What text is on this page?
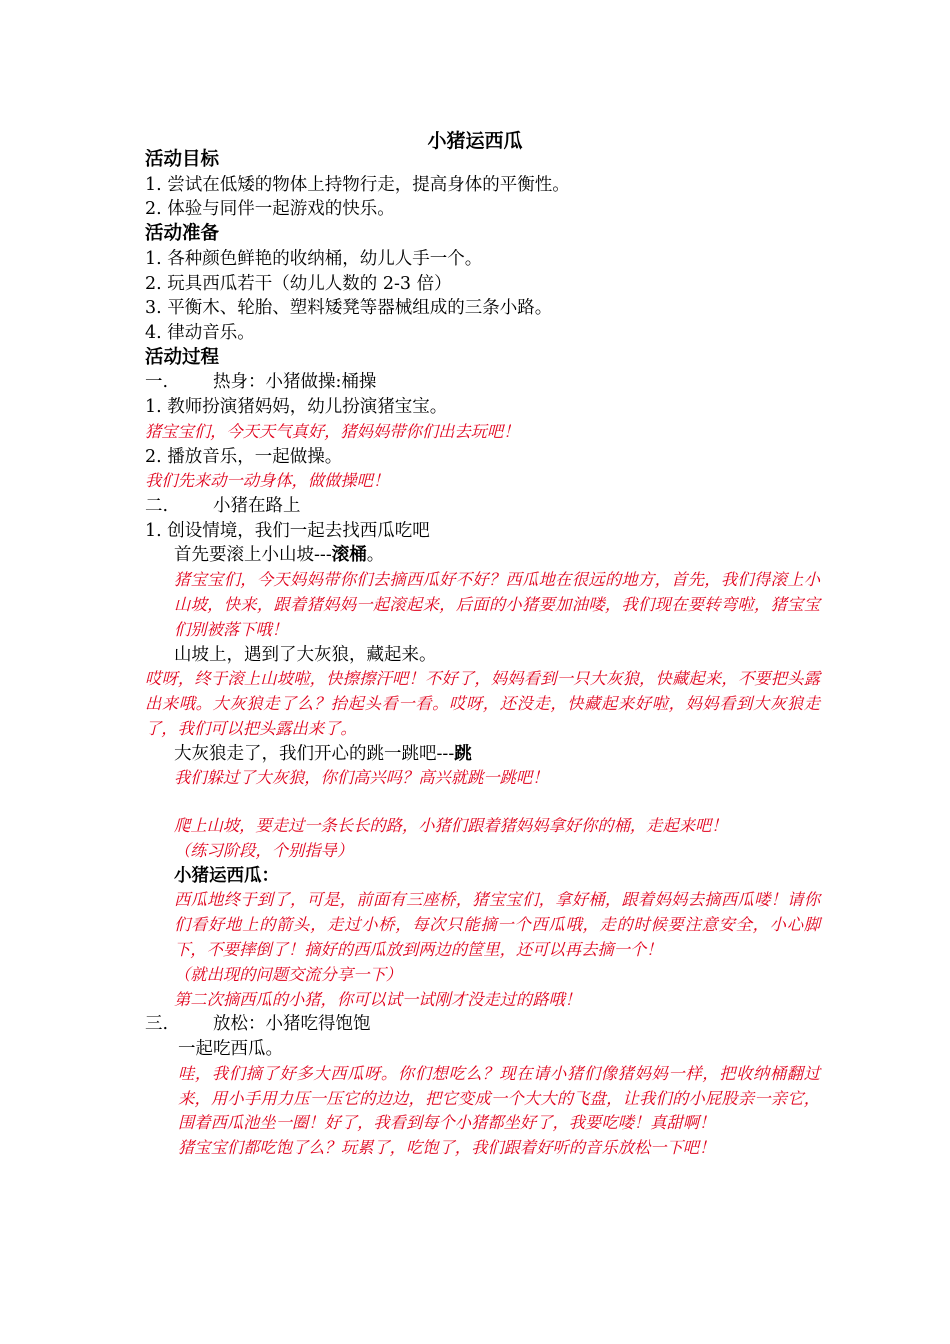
小猪运西瓜
活动目标
1. 尝试在低矮的物体上持物行走，提高身体的平衡性。
2. 体验与同伴一起游戏的快乐。
活动准备
1. 各种颜色鲜艳的收纳桶，幼儿人手一个。
2. 玩具西瓜若干（幼儿人数的 2-3 倍）
3. 平衡木、轮胎、塑料矮凳等器械组成的三条小路。
4. 律动音乐。
活动过程
一.	热身：小猪做操:桶操
1. 教师扮演猪妈妈，幼儿扮演猪宝宝。
猪宝宝们，今天天气真好，猪妈妈带你们出去玩吧！
2. 播放音乐，一起做操。
我们先来动一动身体，做做操吧！
二.	小猪在路上
1. 创设情境，我们一起去找西瓜吃吧
首先要滚上小山坡---滚桶。
猪宝宝们，今天妈妈带你们去摘西瓜好不好？西瓜地在很远的地方，首先，我们得滚上小山坡，快来，跟着猪妈妈一起滚起来，后面的小猪要加油喽，我们现在要转弯啦，猪宝宝们别被落下哦！
山坡上，遇到了大灰狼，藏起来。
哎呀，终于滚上山坡啦，快擦擦汗吧！不好了，妈妈看到一只大灰狼，快藏起来，不要把头露出来哦。大灰狼走了么？抬起头看一看。哎呀，还没走，快藏起来好啦，妈妈看到大灰狼走了，我们可以把头露出来了。
大灰狼走了，我们开心的跳一跳吧---跳
我们躲过了大灰狼，你们高兴吗？高兴就跳一跳吧！
爬上山坡，要走过一条长长的路，小猪们跟着猪妈妈拿好你的桶，走起来吧！
（练习阶段，个别指导）
小猪运西瓜：
西瓜地终于到了，可是，前面有三座桥，猪宝宝们，拿好桶，跟着妈妈去摘西瓜喽！请你们看好地上的箭头，走过小桥，每次只能摘一个西瓜哦，走的时候要注意安全，小心脚下，不要摔倒了！摘好的西瓜放到两边的筐里，还可以再去摘一个！
（就出现的问题交流分享一下）
第二次摘西瓜的小猪，你可以试一试刚才没走过的路哦！
三.	放松：小猪吃得饱饱
一起吃西瓜。
哇，我们摘了好多大西瓜呀。你们想吃么？现在请小猪们像猪妈妈一样，把收纳桶翻过来，用小手用力压一压它的边边，把它变成一个大大的飞盘，让我们的小屁股亲一亲它，围着西瓜池坐一圈！好了，我看到每个小猪都坐好了，我要吃喽！真甜啊！
猪宝宝们都吃饱了么？玩累了，吃饱了，我们跟着好听的音乐放松一下吧！
